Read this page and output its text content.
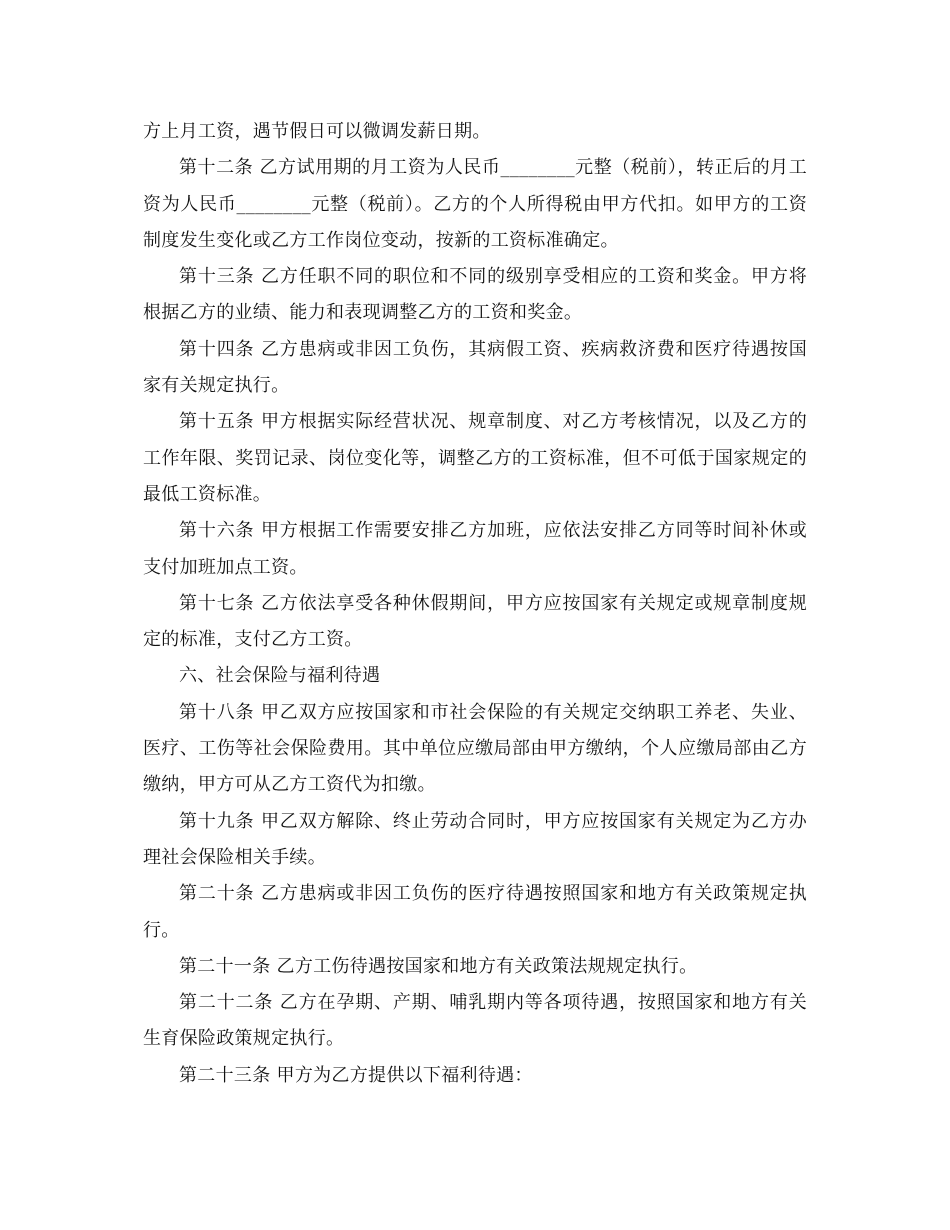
方上月工资，遇节假日可以微调发薪日期。

第十二条 乙方试用期的月工资为人民币________元整（税前），转正后的月工资为人民币________元整（税前）。乙方的个人所得税由甲方代扣。如甲方的工资制度发生变化或乙方工作岗位变动，按新的工资标准确定。

第十三条 乙方任职不同的职位和不同的级别享受相应的工资和奖金。甲方将根据乙方的业绩、能力和表现调整乙方的工资和奖金。

第十四条 乙方患病或非因工负伤，其病假工资、疾病救济费和医疗待遇按国家有关规定执行。

第十五条 甲方根据实际经营状况、规章制度、对乙方考核情况，以及乙方的工作年限、奖罚记录、岗位变化等，调整乙方的工资标准，但不可低于国家规定的最低工资标准。

第十六条 甲方根据工作需要安排乙方加班，应依法安排乙方同等时间补休或支付加班加点工资。

第十七条 乙方依法享受各种休假期间，甲方应按国家有关规定或规章制度规定的标准，支付乙方工资。

六、社会保险与福利待遇

第十八条 甲乙双方应按国家和市社会保险的有关规定交纳职工养老、失业、医疗、工伤等社会保险费用。其中单位应缴局部由甲方缴纳，个人应缴局部由乙方缴纳，甲方可从乙方工资代为扣缴。

第十九条 甲乙双方解除、终止劳动合同时，甲方应按国家有关规定为乙方办理社会保险相关手续。

第二十条 乙方患病或非因工负伤的医疗待遇按照国家和地方有关政策规定执行。

第二十一条 乙方工伤待遇按国家和地方有关政策法规规定执行。

第二十二条 乙方在孕期、产期、哺乳期内等各项待遇，按照国家和地方有关生育保险政策规定执行。

第二十三条 甲方为乙方提供以下福利待遇：
